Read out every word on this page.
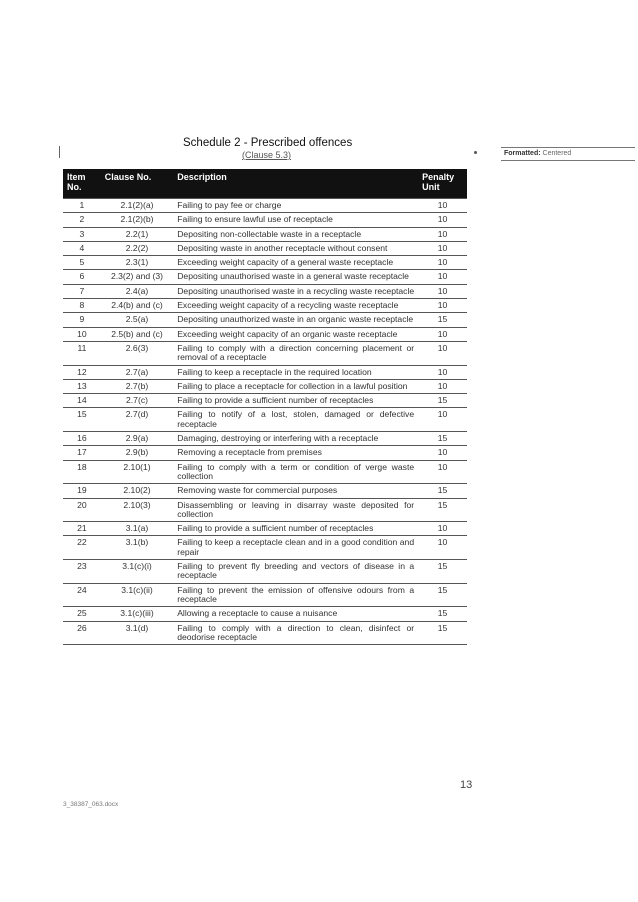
Schedule 2 - Prescribed offences
(Clause 5.3)	Formatted: Centered
Item No.	Clause No.	Description	Penalty Unit
1	2.1(2)(a)	Failing to pay fee or charge	10
2	2.1(2)(b)	Failing to ensure lawful use of receptacle	10
3	2.2(1)	Depositing non-collectable waste in a receptacle	10
4	2.2(2)	Depositing waste in another receptacle without consent	10
5	2.3(1)	Exceeding weight capacity of a general waste receptacle	10
6	2.3(2) and (3)	Depositing unauthorised waste in a general waste receptacle	10
7	2.4(a)	Depositing unauthorised waste in a recycling waste receptacle	10
8	2.4(b) and (c)	Exceeding weight capacity of a recycling waste receptacle	10
9	2.5(a)	Depositing unauthorized waste in an organic waste receptacle	15
10	2.5(b) and (c)	Exceeding weight capacity of an organic waste receptacle	10
11	2.6(3)	Failing to comply with a direction concerning placement or removal of a receptacle	10
12	2.7(a)	Failing to keep a receptacle in the required location	10
13	2.7(b)	Failing to place a receptacle for collection in a lawful position	10
14	2.7(c)	Failing to provide a sufficient number of receptacles	15
15	2.7(d)	Failing to notify of a lost, stolen, damaged or defective receptacle	10
16	2.9(a)	Damaging, destroying or interfering with a receptacle	15
17	2.9(b)	Removing a receptacle from premises	10
18	2.10(1)	Failing to comply with a term or condition of verge waste collection	10
19	2.10(2)	Removing waste for commercial purposes	15
20	2.10(3)	Disassembling or leaving in disarray waste deposited for collection	15
21	3.1(a)	Failing to provide a sufficient number of receptacles	10
22	3.1(b)	Failing to keep a receptacle clean and in a good condition and repair	10
23	3.1(c)(i)	Failing to prevent fly breeding and vectors of disease in a receptacle	15
24	3.1(c)(ii)	Failing to prevent the emission of offensive odours from a receptacle	15
25	3.1(c)(iii)	Allowing a receptacle to cause a nuisance	15
26	3.1(d)	Failing to comply with a direction to clean, disinfect or deodorise receptacle	15
13
3_38387_063.docx
